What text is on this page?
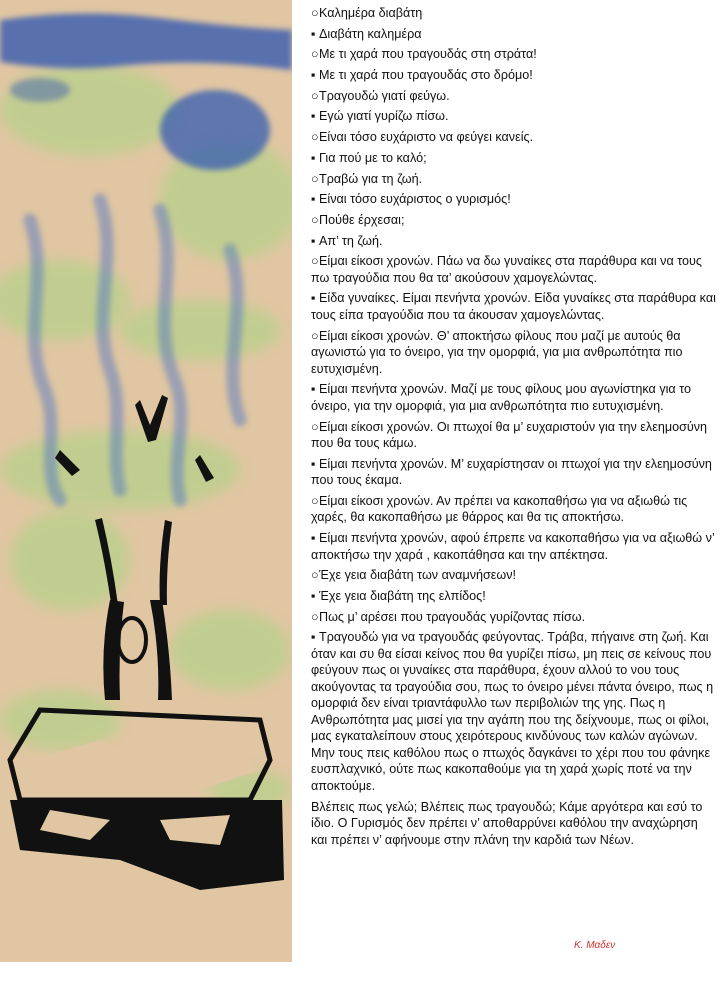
○Καλημέρα διαβάτη
▪ Διαβάτη καλημέρα
○Με τι χαρά που τραγουδάς στη στράτα!
▪ Με τι χαρά που τραγουδάς στο δρόμο!
○Τραγουδώ γιατί φεύγω.
▪ Εγώ γιατί γυρίζω πίσω.
○Είναι τόσο ευχάριστο να φεύγει κανείς.
▪ Για πού με το καλό;
○Τραβώ για τη ζωή.
▪ Είναι τόσο ευχάριστος ο γυρισμός!
○Πούθε έρχεσαι;
▪ Απ’ τη ζωή.
○Είμαι είκοσι χρονών. Πάω να δω γυναίκες στα παράθυρα και να τους πω τραγούδια που θα τα’ ακούσουν χαμογελώντας.
▪ Είδα γυναίκες. Είμαι πενήντα χρονών. Είδα γυναίκες στα παράθυρα και τους είπα τραγούδια που τα άκουσαν χαμογελώντας.
○Είμαι είκοσι χρονών. Θ’ αποκτήσω φίλους που μαζί με αυτούς θα αγωνιστώ για το όνειρο, για την ομορφιά, για μια ανθρωπότητα πιο ευτυχισμένη.
▪ Είμαι πενήντα χρονών. Μαζί με τους φίλους μου αγωνίστηκα για το όνειρο, για την ομορφιά, για μια ανθρωπότητα πιο ευτυχισμένη.
○Είμαι είκοσι χρονών. Οι πτωχοί θα μ’ ευχαριστούν για την ελεημοσύνη που θα τους κάμω.
▪ Είμαι πενήντα χρονών. Μ’ ευχαρίστησαν οι πτωχοί για την ελεημοσύνη που τους έκαμα.
○Είμαι είκοσι χρονών. Αν πρέπει να κακοπαθήσω για να αξιωθώ τις χαρές, θα κακοπαθήσω με θάρρος και θα τις αποκτήσω.
▪ Είμαι πενήντα χρονών, αφού έπρεπε να κακοπαθήσω για να αξιωθώ ν’ αποκτήσω την χαρά , κακοπάθησα και την απέκτησα.
○Έχε γεια διαβάτη των αναμνήσεων!
▪ Έχε γεια διαβάτη της ελπίδος!
○Πως μ’ αρέσει που τραγουδάς γυρίζοντας πίσω.
▪ Τραγουδώ για να τραγουδάς φεύγοντας. Τράβα, πήγαινε στη ζωή. Και όταν και συ θα είσαι κείνος που θα γυρίζει πίσω, μη πεις σε κείνους που φεύγουν πως οι γυναίκες στα παράθυρα, έχουν αλλού το νου τους ακούγοντας τα τραγούδια σου, πως το όνειρο μένει πάντα όνειρο, πως η ομορφιά δεν είναι τριαντάφυλλο των περιβολιών της γης. Πως η Ανθρωπότητα μας μισεί για την αγάπη που της δείχνουμε, πως οι φίλοι, μας εγκαταλείπουν στους χειρότερους κινδύνους των καλών αγώνων. Μην τους πεις καθόλου πως ο πτωχός δαγκάνει το χέρι που του φάνηκε ευσπλαχνικό, ούτε πως κακοπαθούμε για τη χαρά χωρίς ποτέ να την αποκτούμε.
Βλέπεις πως γελώ; Βλέπεις πως τραγουδώ; Κάμε αργότερα και εσύ το ίδιο. Ο Γυρισμός δεν πρέπει ν’ αποθαρρύνει καθόλου την αναχώρηση και πρέπει ν’ αφήνουμε στην πλάνη την καρδιά των Νέων.
Κ. Μαδεν
